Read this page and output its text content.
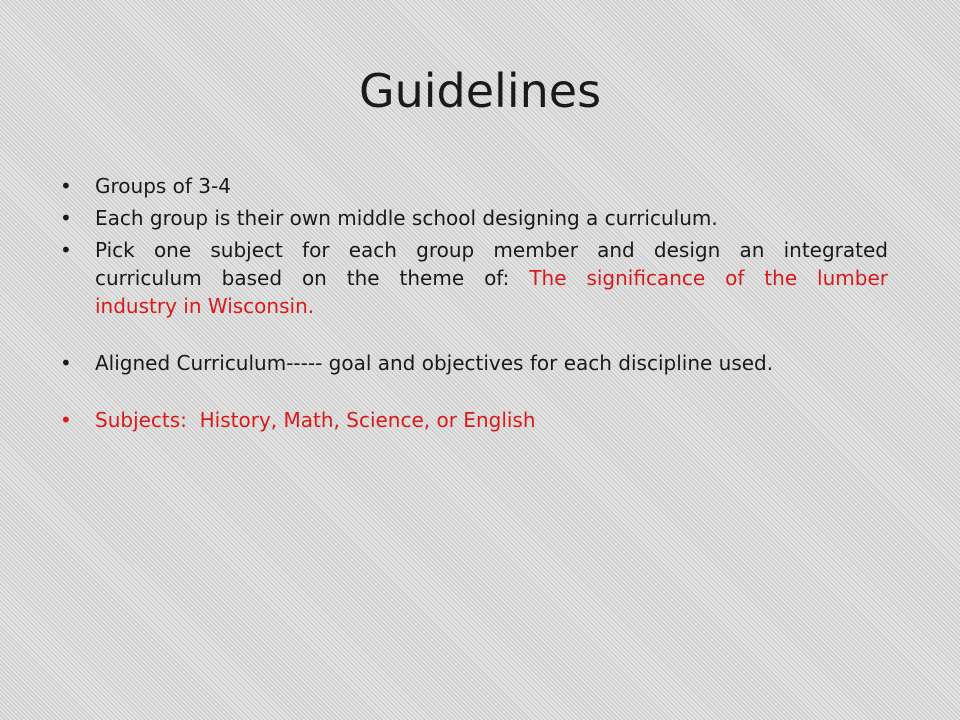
Guidelines
•	Groups of 3-4
•	Each group is their own middle school designing a curriculum.
•	Pick one subject for each group member and design an integrated
curriculum based on the theme of: The significance of the lumber
industry in Wisconsin.
•	Aligned Curriculum----- goal and objectives for each discipline used.
•	Subjects:  History, Math, Science, or English
